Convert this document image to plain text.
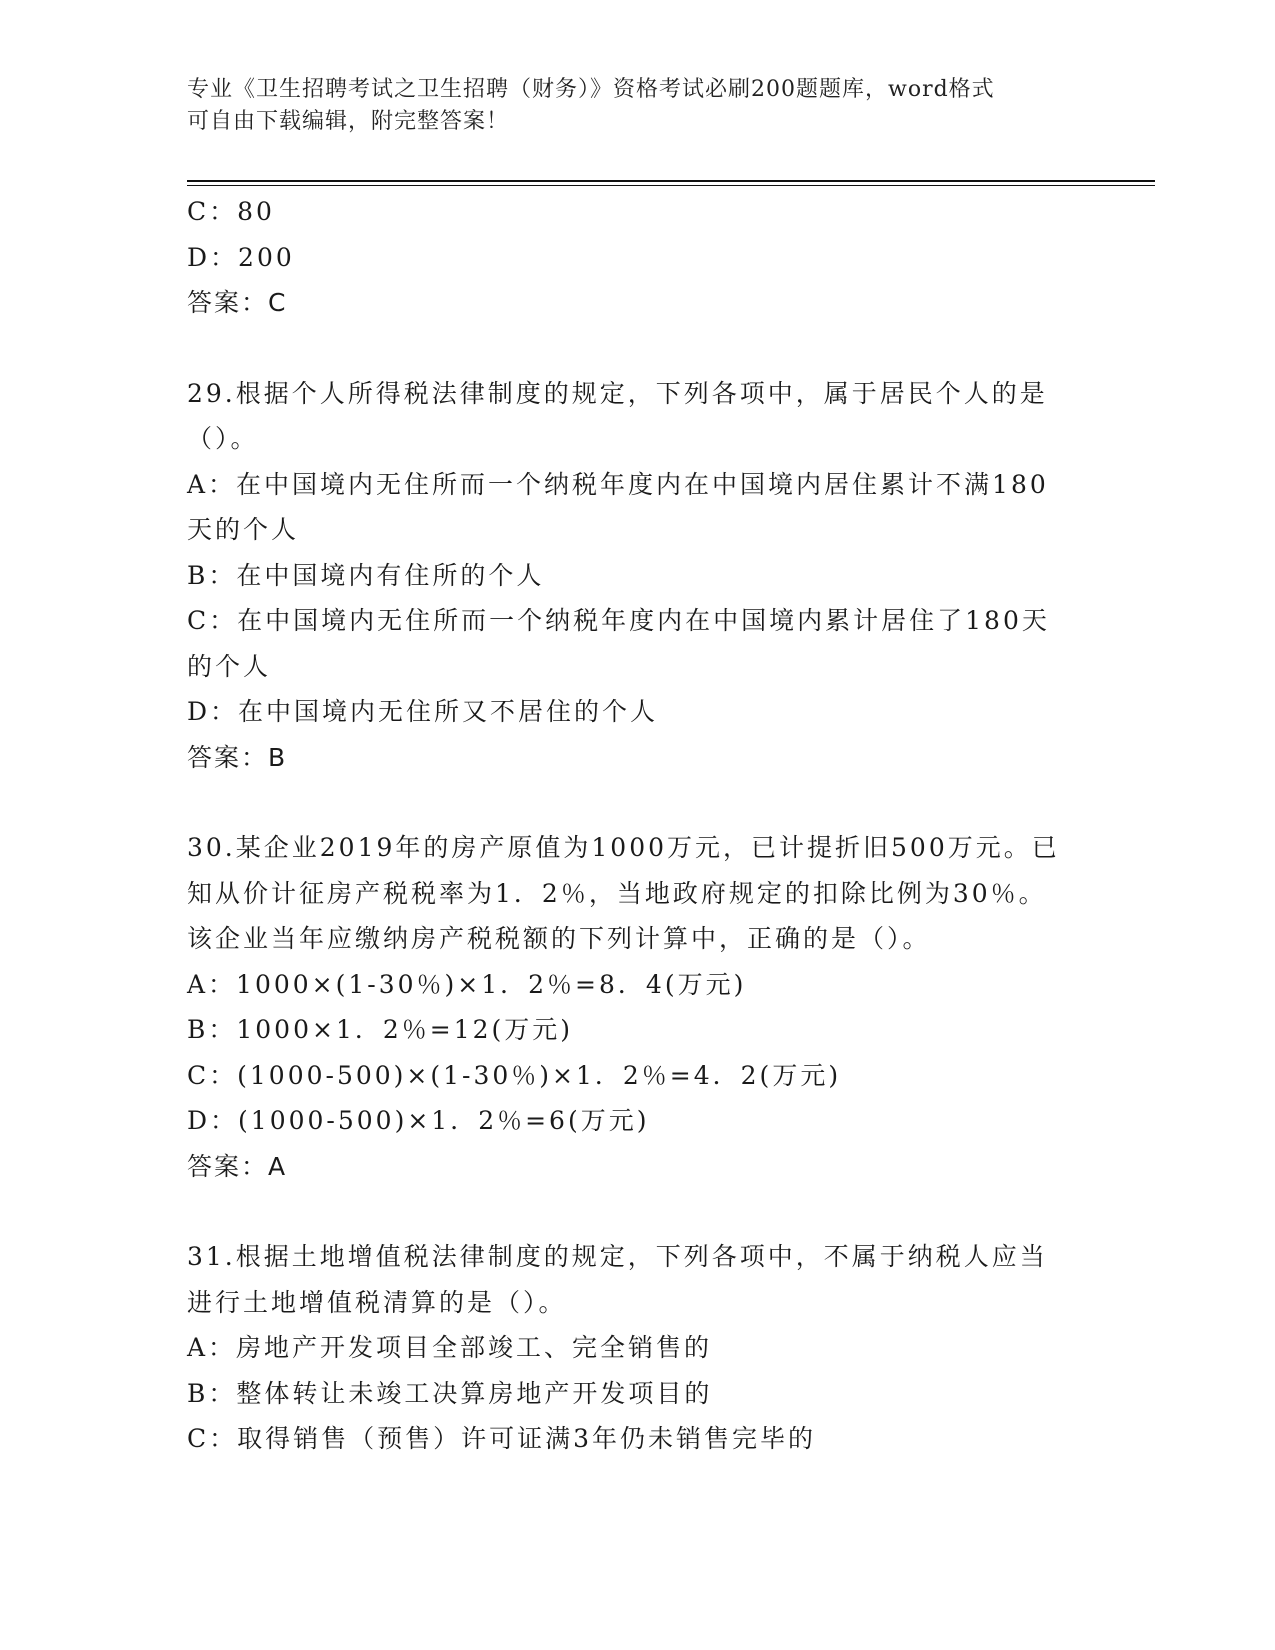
专业《卫生招聘考试之卫生招聘（财务）》资格考试必刷200题题库，word格式
可自由下载编辑，附完整答案！
C：80
D：200
答案：C
29.根据个人所得税法律制度的规定，下列各项中，属于居民个人的是
（）。
A：在中国境内无住所而一个纳税年度内在中国境内居住累计不满180
天的个人
B：在中国境内有住所的个人
C：在中国境内无住所而一个纳税年度内在中国境内累计居住了180天
的个人
D：在中国境内无住所又不居住的个人
答案：B
30.某企业2019年的房产原值为1000万元，已计提折旧500万元。已
知从价计征房产税税率为1．2％，当地政府规定的扣除比例为30％。
该企业当年应缴纳房产税税额的下列计算中，正确的是（）。
A：1000×(1-30％)×1．2％=8．4(万元)
B：1000×1．2％=12(万元)
C：(1000-500)×(1-30％)×1．2％=4．2(万元)
D：(1000-500)×1．2％=6(万元)
答案：A
31.根据土地增值税法律制度的规定，下列各项中，不属于纳税人应当
进行土地增值税清算的是（）。
A：房地产开发项目全部竣工、完全销售的
B：整体转让未竣工决算房地产开发项目的
C：取得销售（预售）许可证满3年仍未销售完毕的
